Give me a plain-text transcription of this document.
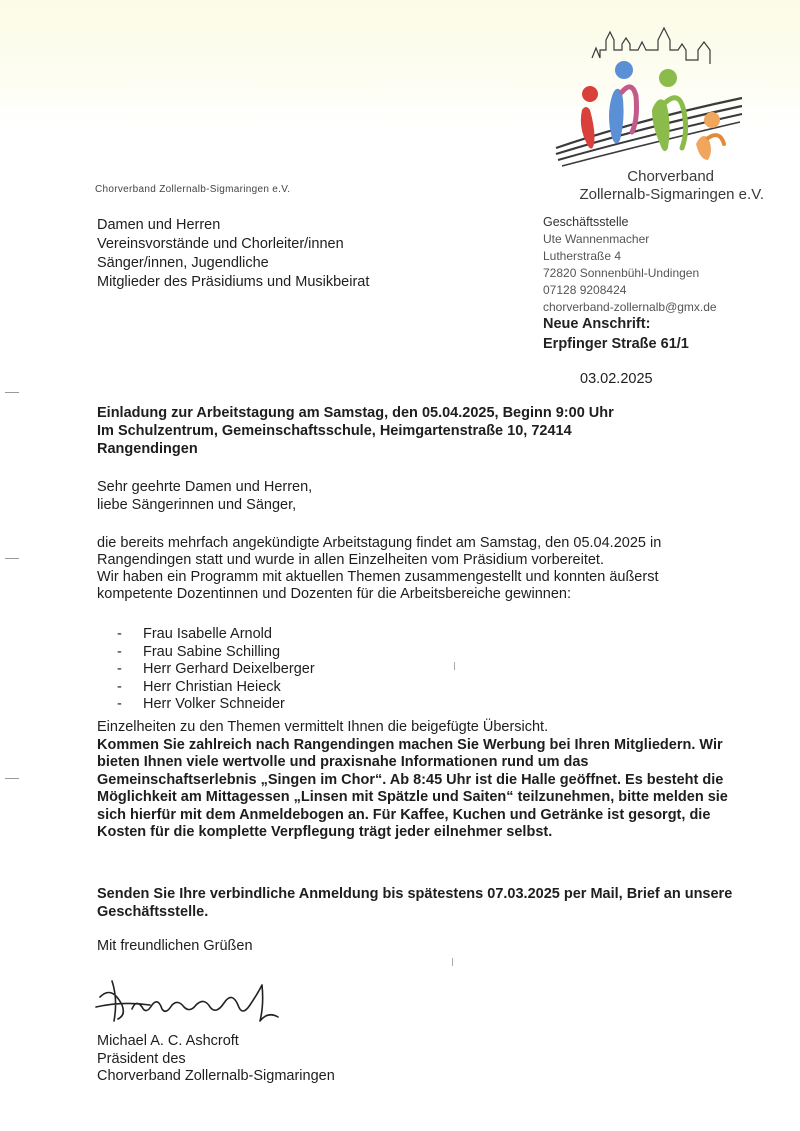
Chorverband
Zollernalb-Sigmaringen e.V.
Chorverband Zollernalb-Sigmaringen e.V.
Damen und Herren
Vereinsvorstände und Chorleiter/innen
Sänger/innen, Jugendliche
Mitglieder des Präsidiums und Musikbeirat
Geschäftsstelle
Ute Wannenmacher
Lutherstraße 4
72820 Sonnenbühl-Undingen
07128 9208424
chorverband-zollernalb@gmx.de
Neue Anschrift:
Erpfinger Straße 61/1
03.02.2025
Einladung zur Arbeitstagung am Samstag, den 05.04.2025, Beginn 9:00 Uhr
Im Schulzentrum, Gemeinschaftsschule, Heimgartenstraße 10, 72414
Rangendingen
Sehr geehrte Damen und Herren,
liebe Sängerinnen und Sänger,
die bereits mehrfach angekündigte Arbeitstagung findet am Samstag, den 05.04.2025 in Rangendingen statt und wurde in allen Einzelheiten vom Präsidium vorbereitet.
Wir haben ein Programm mit aktuellen Themen zusammengestellt und konnten äußerst kompetente Dozentinnen und Dozenten für die Arbeitsbereiche gewinnen:
-	Frau Isabelle Arnold
-	Frau Sabine Schilling
-	Herr Gerhard Deixelberger
-	Herr Christian Heieck
-	Herr Volker Schneider
Einzelheiten zu den Themen vermittelt Ihnen die beigefügte Übersicht.
Kommen Sie zahlreich nach Rangendingen machen Sie Werbung bei Ihren Mitgliedern. Wir bieten Ihnen viele wertvolle und praxisnahe Informationen rund um das Gemeinschaftserlebnis „Singen im Chor“. Ab 8:45 Uhr ist die Halle geöffnet. Es besteht die Möglichkeit am Mittagessen „Linsen mit Spätzle und Saiten“ teilzunehmen, bitte melden sie sich hierfür mit dem Anmeldebogen an. Für Kaffee, Kuchen und Getränke ist gesorgt, die Kosten für die komplette Verpflegung trägt jeder eilnehmer selbst.
Senden Sie Ihre verbindliche Anmeldung bis spätestens 07.03.2025 per Mail, Brief an unsere Geschäftsstelle.
Mit freundlichen Grüßen
Michael A. C. Ashcroft
Präsident des
Chorverband Zollernalb-Sigmaringen
